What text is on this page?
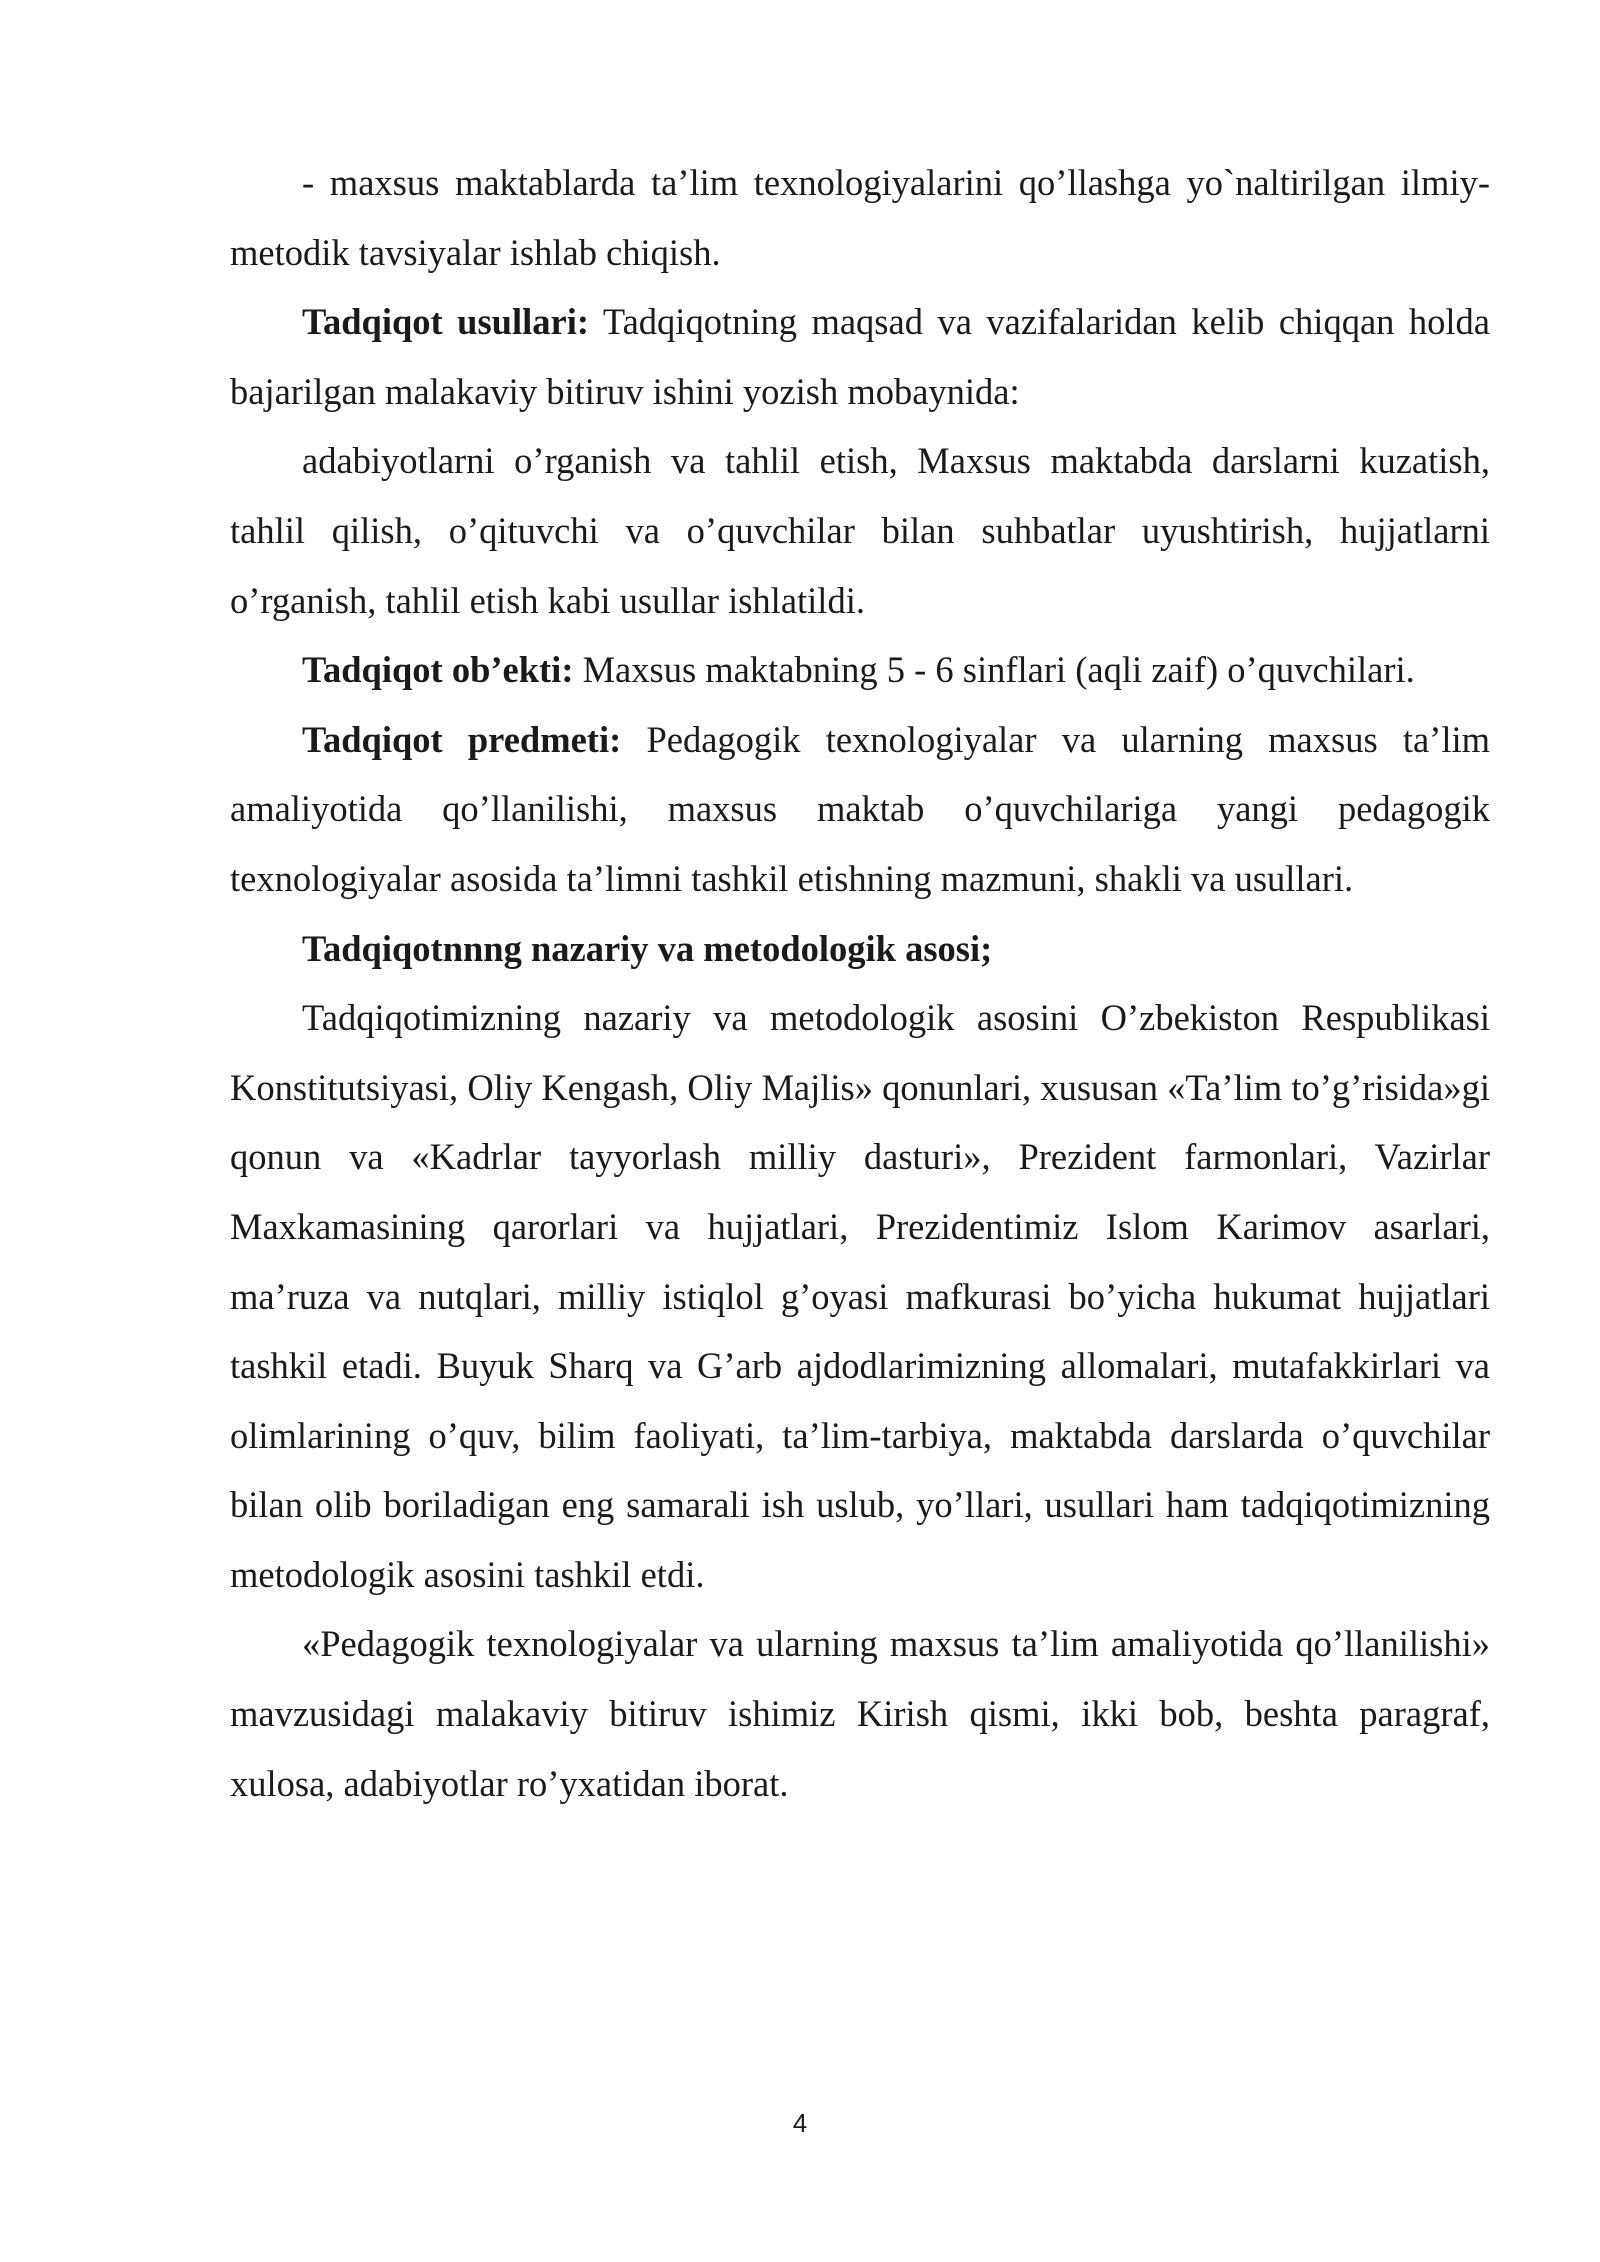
- maxsus maktablarda ta’lim texnologiyalarini qo’llashga yo`naltirilgan ilmiy-metodik tavsiyalar ishlab chiqish.

Tadqiqot usullari: Tadqiqotning maqsad va vazifalaridan kelib chiqqan holda bajarilgan malakaviy bitiruv ishini yozish mobaynida:

adabiyotlarni o’rganish va tahlil etish, Maxsus maktabda darslarni kuzatish, tahlil qilish, o’qituvchi va o’quvchilar bilan suhbatlar uyushtirish, hujjatlarni o’rganish, tahlil etish kabi usullar ishlatildi.

Tadqiqot ob’ekti: Maxsus maktabning 5 - 6 sinflari (aqli zaif) o’quvchilari.

Tadqiqot predmeti: Pedagogik texnologiyalar va ularning maxsus ta’lim amaliyotida qo’llanilishi, maxsus maktab o’quvchilariga yangi pedagogik texnologiyalar asosida ta’limni tashkil etishning mazmuni, shakli va usullari.

Tadqiqotnnng nazariy va metodologik asosi;

Tadqiqotimizning nazariy va metodologik asosini O’zbekiston Respublikasi Konstitutsiyasi, Oliy Kengash, Oliy Majlis» qonunlari, xususan «Ta’lim to’g’risida»gi qonun va «Kadrlar tayyorlash milliy dasturi», Prezident farmonlari, Vazirlar Maxkamasining qarorlari va hujjatlari, Prezidentimiz Islom Karimov asarlari, ma’ruza va nutqlari, milliy istiqlol g’oyasi mafkurasi bo’yicha hukumat hujjatlari tashkil etadi. Buyuk Sharq va G’arb ajdodlarimizning allomalari, mutafakkirlari va olimlarining o’quv, bilim faoliyati, ta’lim-tarbiya, maktabda darslarda o’quvchilar bilan olib boriladigan eng samarali ish uslub, yo’llari, usullari ham tadqiqotimizning metodologik asosini tashkil etdi.

«Pedagogik texnologiyalar va ularning maxsus ta’lim amaliyotida qo’llanilishi» mavzusidagi malakaviy bitiruv ishimiz Kirish qismi, ikki bob, beshta paragraf, xulosa, adabiyotlar ro’yxatidan iborat.

4
